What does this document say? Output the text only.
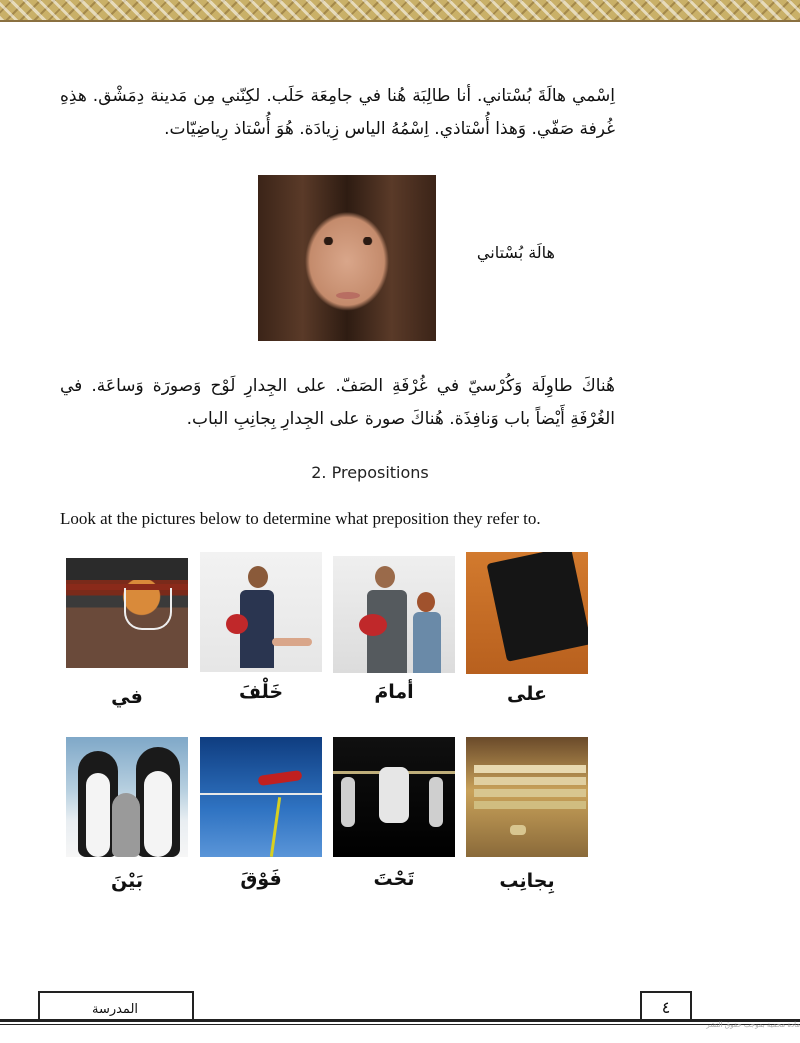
اِسْمي هالَةَ بُسْتاني. أنا طالِبَة هُنا في جامِعَة حَلَب. لكِنّني مِن مَدينة دِمَشْق. هذِهِ غُرفة صَفّي. وَهذا أُسْتاذي. اِسْمُهُ الياس زِيادَة. هُوَ أُسْتاذ رِياضِيّات.
هالَة بُسْتاني
هُناكَ طاوِلَة وَكُرْسيّ في غُرْفَةِ الصَفّ. على الجِدارِ لَوْح وَصورَة وَساعَة. في الغُرْفَةِ أَيْضاً باب وَنافِذَة. هُناكَ صورة على الجِدارِ بِجانِبِ الباب.
2. Prepositions
Look at the pictures below to determine what preposition they refer to.
في	خَلْفَ	أمامَ	على
بَيْنَ	فَوْقَ	تَحْتَ	بِجانِب
المدرسة	٤
مادة محمية بموجب حقوق النشر
